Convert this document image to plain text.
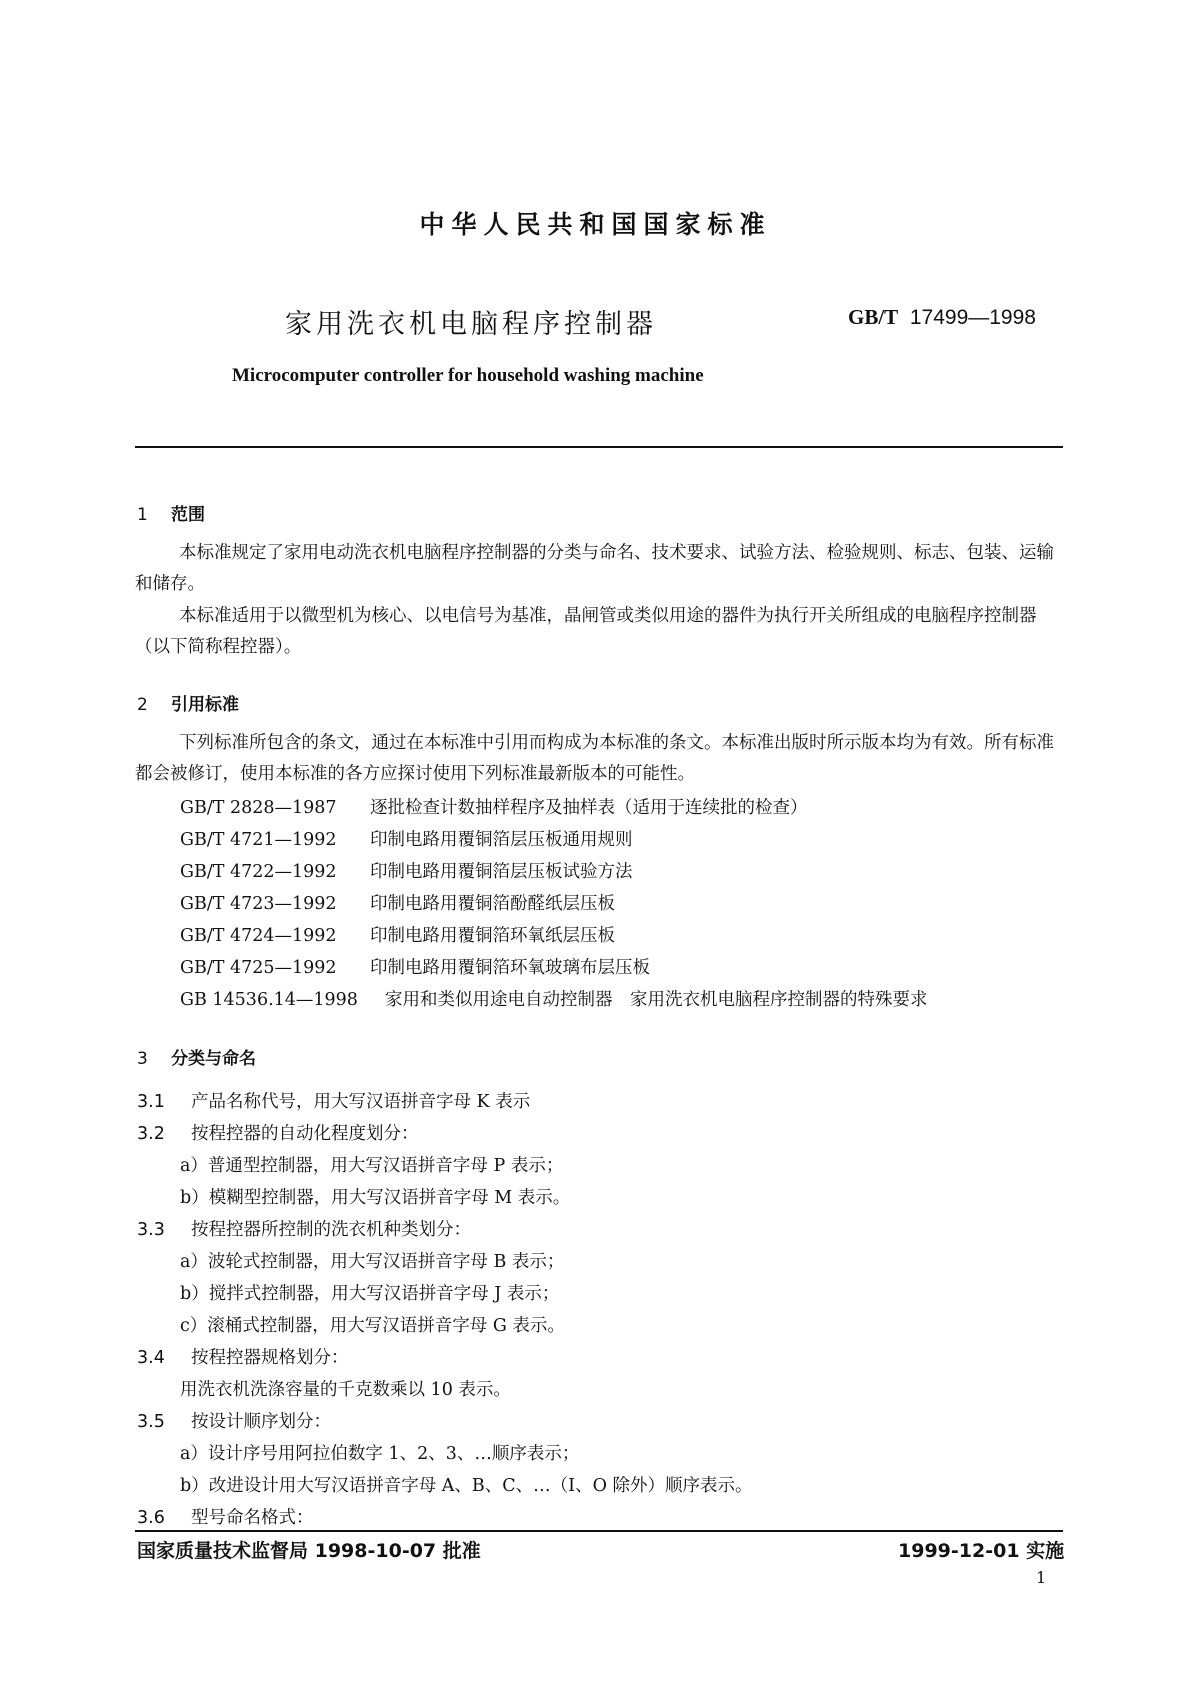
中华人民共和国国家标准
家用洗衣机电脑程序控制器	GB/T 17499—1998
Microcomputer controller for household washing machine
1 范围
本标准规定了家用电动洗衣机电脑程序控制器的分类与命名、技术要求、试验方法、检验规则、标志、包装、运输和储存。
本标准适用于以微型机为核心、以电信号为基准，晶闸管或类似用途的器件为执行开关所组成的电脑程序控制器（以下简称程控器）。
2 引用标准
下列标准所包含的条文，通过在本标准中引用而构成为本标准的条文。本标准出版时所示版本均为有效。所有标准都会被修订，使用本标准的各方应探讨使用下列标准最新版本的可能性。
GB/T 2828—1987 逐批检查计数抽样程序及抽样表（适用于连续批的检查）
GB/T 4721—1992 印制电路用覆铜箔层压板通用规则
GB/T 4722—1992 印制电路用覆铜箔层压板试验方法
GB/T 4723—1992 印制电路用覆铜箔酚醛纸层压板
GB/T 4724—1992 印制电路用覆铜箔环氧纸层压板
GB/T 4725—1992 印制电路用覆铜箔环氧玻璃布层压板
GB 14536.14—1998 家用和类似用途电自动控制器　家用洗衣机电脑程序控制器的特殊要求
3 分类与命名
3.1 产品名称代号，用大写汉语拼音字母 K 表示
3.2 按程控器的自动化程度划分：
a）普通型控制器，用大写汉语拼音字母 P 表示；
b）模糊型控制器，用大写汉语拼音字母 M 表示。
3.3 按程控器所控制的洗衣机种类划分：
a）波轮式控制器，用大写汉语拼音字母 B 表示；
b）搅拌式控制器，用大写汉语拼音字母 J 表示；
c）滚桶式控制器，用大写汉语拼音字母 G 表示。
3.4 按程控器规格划分：
用洗衣机洗涤容量的千克数乘以 10 表示。
3.5 按设计顺序划分：
a）设计序号用阿拉伯数字 1、2、3、…顺序表示；
b）改进设计用大写汉语拼音字母 A、B、C、…（I、O 除外）顺序表示。
3.6 型号命名格式：
国家质量技术监督局 1998-10-07 批准	1999-12-01 实施
1
